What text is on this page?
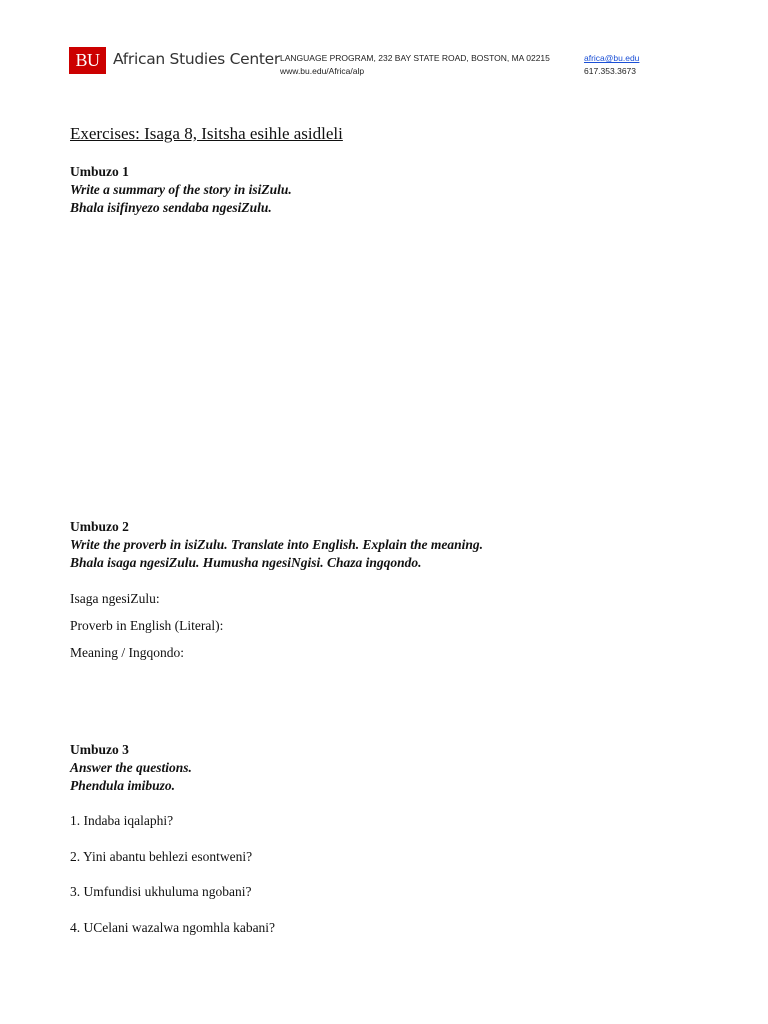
BU African Studies Center LANGUAGE PROGRAM, 232 BAY STATE ROAD, BOSTON, MA 02215
www.bu.edu/Africa/alp
africa@bu.edu
617.353.3673
Exercises: Isaga 8, Isitsha esihle asidleli
Umbuzo 1
Write a summary of the story in isiZulu.
Bhala isifinyezo sendaba ngesiZulu.
Umbuzo 2
Write the proverb in isiZulu. Translate into English. Explain the meaning.
Bhala isaga ngesiZulu. Humusha ngesiNgisi. Chaza ingqondo.
Isaga ngesiZulu:
Proverb in English (Literal):
Meaning / Ingqondo:
Umbuzo 3
Answer the questions.
Phendula imibuzo.
1. Indaba iqalaphi?
2. Yini abantu behlezi esontweni?
3. Umfundisi ukhuluma ngobani?
4. UCelani wazalwa ngomhla kabani?
